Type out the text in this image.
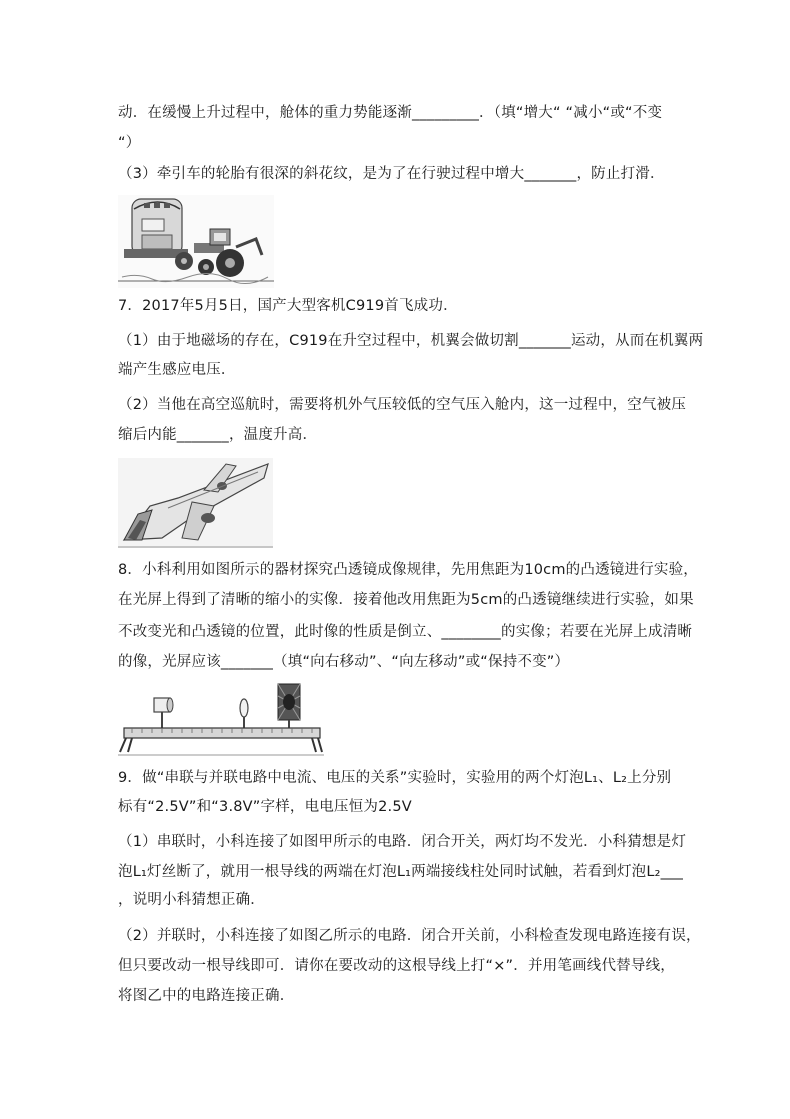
动．在缓慢上升过程中，舱体的重力势能逐渐_________．（填“增大“ “减小“或“不变
“）
（3）牵引车的轮胎有很深的斜花纹，是为了在行驶过程中增大_______，防止打滑．
7．2017年5月5日，国产大型客机C919首飞成功．
（1）由于地磁场的存在，C919在升空过程中，机翼会做切割_______运动，从而在机翼两
端产生感应电压．
（2）当他在高空巡航时，需要将机外气压较低的空气压入舱内，这一过程中，空气被压
缩后内能_______，温度升高．
8．小科利用如图所示的器材探究凸透镜成像规律，先用焦距为10cm的凸透镜进行实验，
在光屏上得到了清晰的缩小的实像．接着他改用焦距为5cm的凸透镜继续进行实验，如果
不改变光和凸透镜的位置，此时像的性质是倒立、________的实像；若要在光屏上成清晰
的像，光屏应该_______（填“向右移动”、“向左移动”或“保持不变”）
9．做“串联与并联电路中电流、电压的关系”实验时，实验用的两个灯泡L₁、L₂上分别
标有“2.5V”和“3.8V”字样，电电压恒为2.5V
（1）串联时，小科连接了如图甲所示的电路．闭合开关，两灯均不发光．小科猜想是灯
泡L₁灯丝断了，就用一根导线的两端在灯泡L₁两端接线柱处同时试触，若看到灯泡L₂___
，说明小科猜想正确．
（2）并联时，小科连接了如图乙所示的电路．闭合开关前，小科检查发现电路连接有误，
但只要改动一根导线即可．请你在要改动的这根导线上打“×”．并用笔画线代替导线，
将图乙中的电路连接正确．
